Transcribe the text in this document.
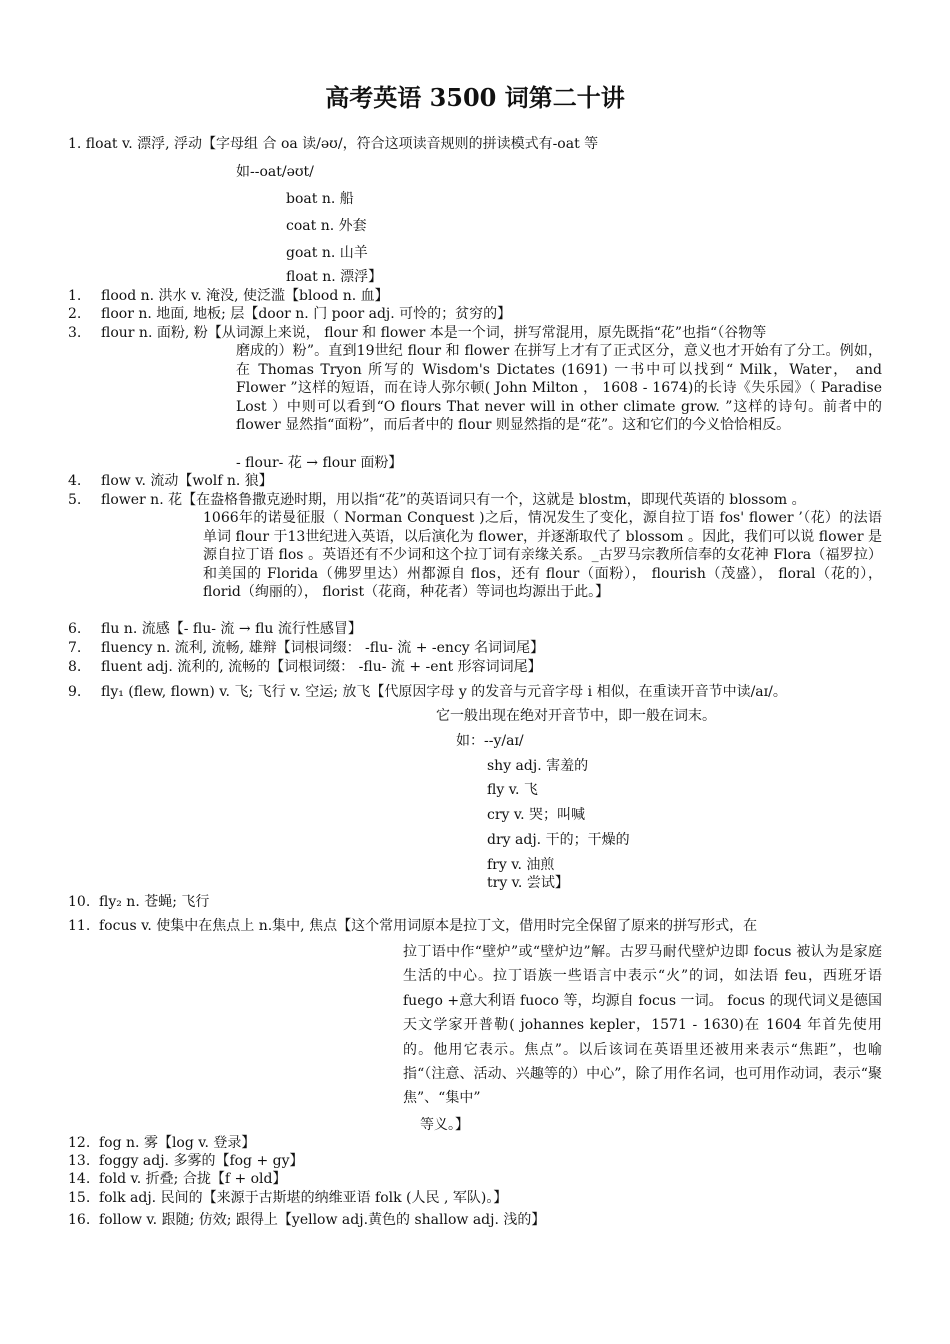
高考英语 3500 词第二十讲
1. float v. 漂浮, 浮动【字母组 合 oa 读/əʊ/，符合这项读音规则的拼读模式有-oat 等
如--oat/əʊt/
boat n. 船
coat n. 外套
goat n. 山羊
float n. 漂浮】
1. flood n. 洪水 v. 淹没, 使泛滥【blood n. 血】
2. floor n. 地面, 地板; 层【door n. 门 poor adj. 可怜的；贫穷的】
3. flour n. 面粉, 粉【从词源上来说， flour 和 flower 本是一个词，拼写常混用，原先既指“花”也指“（谷物等
磨成的）粉”。直到19世纪 flour 和 flower 在拼写上才有了正式区分，意义也才开始有了分工。例如，在 Thomas Tryon 所写的 Wisdom's Dictates (1691) 一书中可以找到“ Milk，Water， and Flower ”这样的短语，而在诗人弥尔顿( John Milton ， 1608 - 1674)的长诗《失乐园》（ Paradise Lost ）中则可以看到“O flours That never will in other climate grow. ”这样的诗句。前者中的 flower 显然指“面粉”，而后者中的 flour 则显然指的是“花”。这和它们的今义恰恰相反。
- flour- 花 → flour 面粉】
4. flow v. 流动【wolf n. 狼】
5. flower n. 花【在盎格鲁撒克逊时期，用以指“花”的英语词只有一个，这就是 blostm，即现代英语的 blossom 。
1066年的诺曼征服（ Norman Conquest )之后，情况发生了变化，源自拉丁语 fos' flower ’（花）的法语单词 flour 于13世纪进入英语，以后演化为 flower，并逐渐取代了 blossom 。因此，我们可以说 flower 是源自拉丁语 flos 。英语还有不少词和这个拉丁词有亲缘关系。_古罗马宗教所信奉的女花神 Flora（福罗拉）和美国的 Florida（佛罗里达）州都源自 flos，还有 flour（面粉）， flourish（茂盛）， floral（花的）， florid（绚丽的）， florist（花商，种花者）等词也均源出于此。】
6. flu n. 流感【- flu- 流 → flu 流行性感冒】
7. fluency n. 流利, 流畅, 雄辩【词根词缀： -flu- 流 + -ency 名词词尾】
8. fluent adj. 流利的, 流畅的【词根词缀： -flu- 流 + -ent 形容词词尾】
9. fly₁ (flew, flown) v. 飞; 飞行 v. 空运; 放飞【代原因字母 y 的发音与元音字母 i 相似，在重读开音节中读/aɪ/。
它一般出现在绝对开音节中，即一般在词末。
如：--y/aɪ/
shy adj. 害羞的
fly v. 飞
cry v. 哭；叫喊
dry adj. 干的；干燥的
fry v. 油煎
try v. 尝试】
10. fly₂ n. 苍蝇; 飞行
11. focus v. 使集中在焦点上 n.集中, 焦点【这个常用词原本是拉丁文，借用时完全保留了原来的拼写形式，在
拉丁语中作“壁炉”或“壁炉边”解。古罗马耐代壁炉边即 focus 被认为是家庭生活的中心。拉丁语族一些语言中表示“火”的词，如法语 feu，西班牙语 fuego +意大利语 fuoco 等，均源自 focus 一词。 focus 的现代词义是德国天文学家开普勒( johannes kepler，1571 - 1630)在 1604 年首先使用的。他用它表示。焦点”。以后该词在英语里还被用来表示“焦距”，也喻指“（注意、活动、兴趣等的）中心”，除了用作名词，也可用作动词，表示“聚焦”、“集中”
等义。】
12. fog n. 雾【log v. 登录】
13. foggy adj. 多雾的【fog + gy】
14. fold v. 折叠; 合拢【f + old】
15. folk adj. 民间的【来源于古斯堪的纳维亚语 folk (人民 , 军队)。】
16. follow v. 跟随; 仿效; 跟得上【yellow adj.黄色的 shallow adj. 浅的】
